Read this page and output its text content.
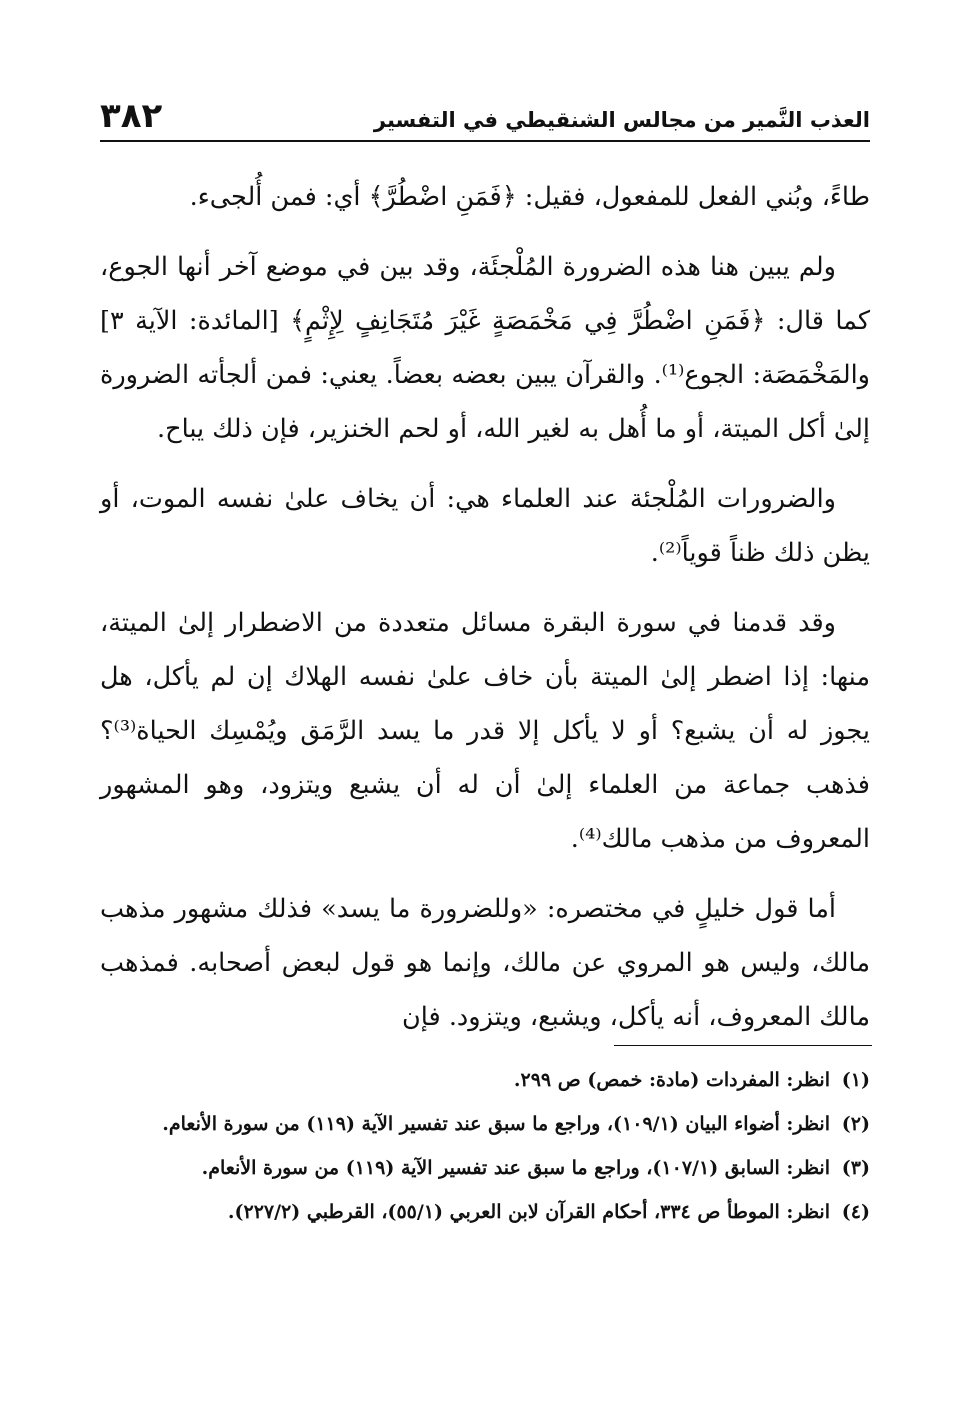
٣٨٢	العذب النَّمير من مجالس الشنقيطي في التفسير
طاءً، وبُني الفعل للمفعول، فقيل: ﴿فَمَنِ اضْطُرَّ﴾ أي: فمن أُلجىء.
ولم يبين هنا هذه الضرورة المُلْجئَة، وقد بين في موضع آخر أنها الجوع، كما قال: ﴿فَمَنِ اضْطُرَّ فِي مَخْمَصَةٍ غَيْرَ مُتَجَانِفٍ لِإِثْمٍ﴾ [المائدة: الآية ٣] والمَخْمَصَة: الجوع⁽¹⁾. والقرآن يبين بعضه بعضاً. يعني: فمن ألجأته الضرورة إلىٰ أكل الميتة، أو ما أُهل به لغير الله، أو لحم الخنزير، فإن ذلك يباح.
والضرورات المُلْجئة عند العلماء هي: أن يخاف علىٰ نفسه الموت، أو يظن ذلك ظناً قوياً⁽²⁾.
وقد قدمنا في سورة البقرة مسائل متعددة من الاضطرار إلىٰ الميتة، منها: إذا اضطر إلىٰ الميتة بأن خاف علىٰ نفسه الهلاك إن لم يأكل، هل يجوز له أن يشبع؟ أو لا يأكل إلا قدر ما يسد الرَّمَق ويُمْسِك الحياة⁽³⁾؟ فذهب جماعة من العلماء إلىٰ أن له أن يشبع ويتزود، وهو المشهور المعروف من مذهب مالك⁽⁴⁾.
أما قول خليلٍ في مختصره: «وللضرورة ما يسد» فذلك مشهور مذهب مالك، وليس هو المروي عن مالك، وإنما هو قول لبعض أصحابه. فمذهب مالك المعروف، أنه يأكل، ويشبع، ويتزود. فإن
(١)
انظر: المفردات (مادة: خمص) ص ٢٩٩.
(٢)
انظر: أضواء البيان (١٠٩/١)، وراجع ما سبق عند تفسير الآية (١١٩) من سورة الأنعام.
(٣)
انظر: السابق (١٠٧/١)، وراجع ما سبق عند تفسير الآية (١١٩) من سورة الأنعام.
(٤)
انظر: الموطأ ص ٣٣٤، أحكام القرآن لابن العربي (٥٥/١)، القرطبي (٢٢٧/٢).
